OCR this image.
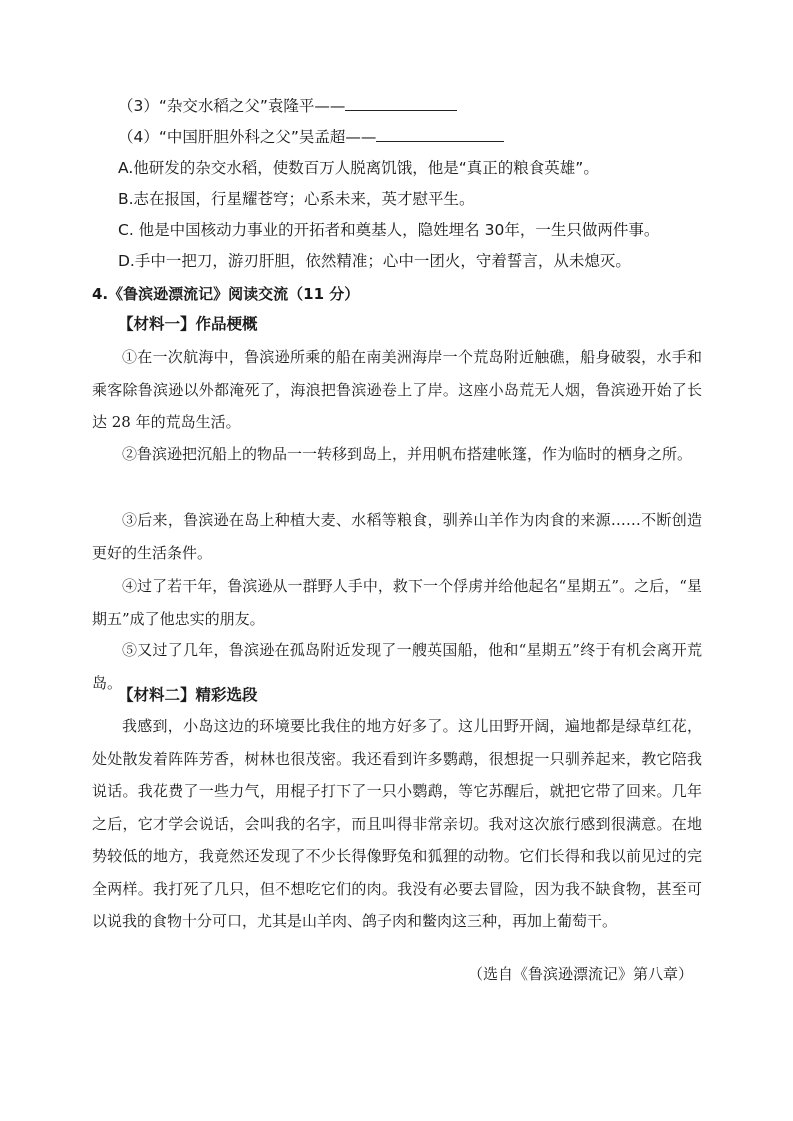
（3）“杂交水稻之父”袁隆平——
（4）“中国肝胆外科之父”吴孟超——
A.他研发的杂交水稻，使数百万人脱离饥饿，他是“真正的粮食英雄”。
B.志在报国，行星耀苍穹；心系未来，英才慰平生。
C. 他是中国核动力事业的开拓者和奠基人，隐姓埋名 30年，一生只做两件事。
D.手中一把刀，游刃肝胆，依然精准；心中一团火，守着誓言，从未熄灭。
4.《鲁滨逊漂流记》阅读交流（11 分）
【材料一】作品梗概
①在一次航海中，鲁滨逊所乘的船在南美洲海岸一个荒岛附近触礁，船身破裂，水手和乘客除鲁滨逊以外都淹死了，海浪把鲁滨逊卷上了岸。这座小岛荒无人烟，鲁滨逊开始了长达 28 年的荒岛生活。
②鲁滨逊把沉船上的物品一一转移到岛上，并用帆布搭建帐篷，作为临时的栖身之所。
③后来，鲁滨逊在岛上种植大麦、水稻等粮食，驯养山羊作为肉食的来源……不断创造更好的生活条件。
④过了若干年，鲁滨逊从一群野人手中，救下一个俘虏并给他起名“星期五”。之后，“星期五”成了他忠实的朋友。
⑤又过了几年，鲁滨逊在孤岛附近发现了一艘英国船，他和“星期五”终于有机会离开荒岛。
【材料二】精彩选段
我感到，小岛这边的环境要比我住的地方好多了。这儿田野开阔，遍地都是绿草红花，处处散发着阵阵芳香，树林也很茂密。我还看到许多鹦鹉，很想捉一只驯养起来，教它陪我说话。我花费了一些力气，用棍子打下了一只小鹦鹉，等它苏醒后，就把它带了回来。几年之后，它才学会说话，会叫我的名字，而且叫得非常亲切。我对这次旅行感到很满意。在地势较低的地方，我竟然还发现了不少长得像野兔和狐狸的动物。它们长得和我以前见过的完全两样。我打死了几只，但不想吃它们的肉。我没有必要去冒险，因为我不缺食物，甚至可以说我的食物十分可口，尤其是山羊肉、鸽子肉和鳖肉这三种，再加上葡萄干。
（选自《鲁滨逊漂流记》第八章）
